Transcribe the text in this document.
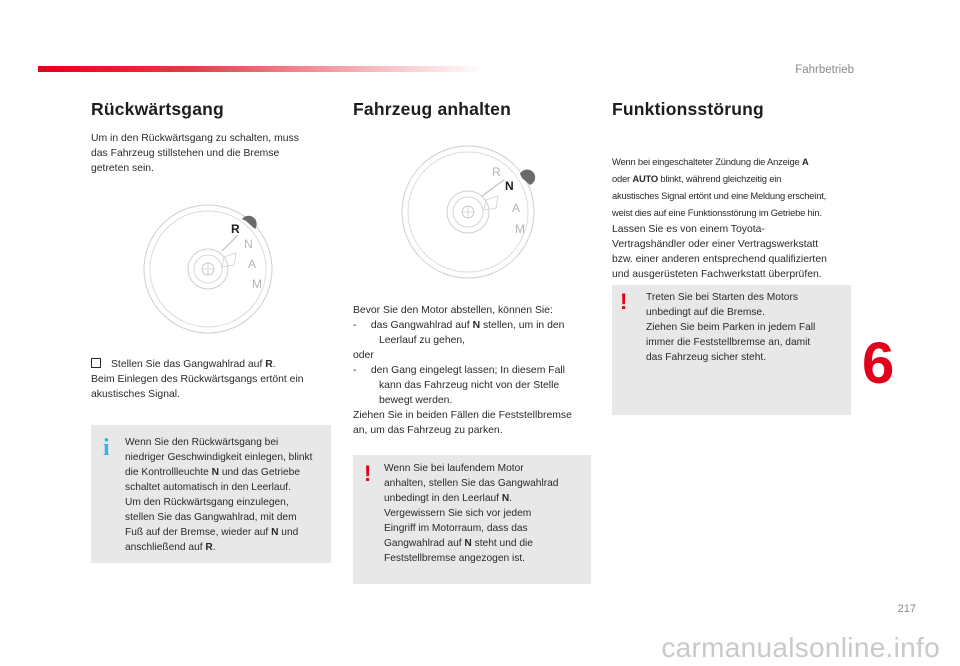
Fahrbetrieb
Rückwärtsgang
Um in den Rückwärtsgang zu schalten, muss
das Fahrzeug stillstehen und die Bremse
getreten sein.
R
N
A
M
Stellen Sie das Gangwahlrad auf R.
Beim Einlegen des Rückwärtsgangs ertönt ein
akustisches Signal.
i Wenn Sie den Rückwärtsgang bei
niedriger Geschwindigkeit einlegen, blinkt
die Kontrollleuchte N und das Getriebe
schaltet automatisch in den Leerlauf.
Um den Rückwärtsgang einzulegen,
stellen Sie das Gangwahlrad, mit dem
Fuß auf der Bremse, wieder auf N und
anschließend auf R.
Fahrzeug anhalten
R
N
A
M
Bevor Sie den Motor abstellen, können Sie:
-     das Gangwahlrad auf N stellen, um in den
Leerlauf zu gehen,
oder
-     den Gang eingelegt lassen; In diesem Fall
kann das Fahrzeug nicht von der Stelle
bewegt werden.
Ziehen Sie in beiden Fällen die Feststellbremse
an, um das Fahrzeug zu parken.
! Wenn Sie bei laufendem Motor
anhalten, stellen Sie das Gangwahlrad
unbedingt in den Leerlauf N.
Vergewissern Sie sich vor jedem
Eingriff im Motorraum, dass das
Gangwahlrad auf N steht und die
Feststellbremse angezogen ist.
Funktionsstörung
Wenn bei eingeschalteter Zündung die Anzeige A
oder AUTO blinkt, während gleichzeitig ein
akustisches Signal ertönt und eine Meldung erscheint,
weist dies auf eine Funktionsstörung im Getriebe hin.
Lassen Sie es von einem Toyota-
Vertragshändler oder einer Vertragswerkstatt
bzw. einer anderen entsprechend qualifizierten
und ausgerüsteten Fachwerkstatt überprüfen.
! Treten Sie bei Starten des Motors
unbedingt auf die Bremse.
Ziehen Sie beim Parken in jedem Fall
immer die Feststellbremse an, damit
das Fahrzeug sicher steht.	6
217
carmanualsonline.info
